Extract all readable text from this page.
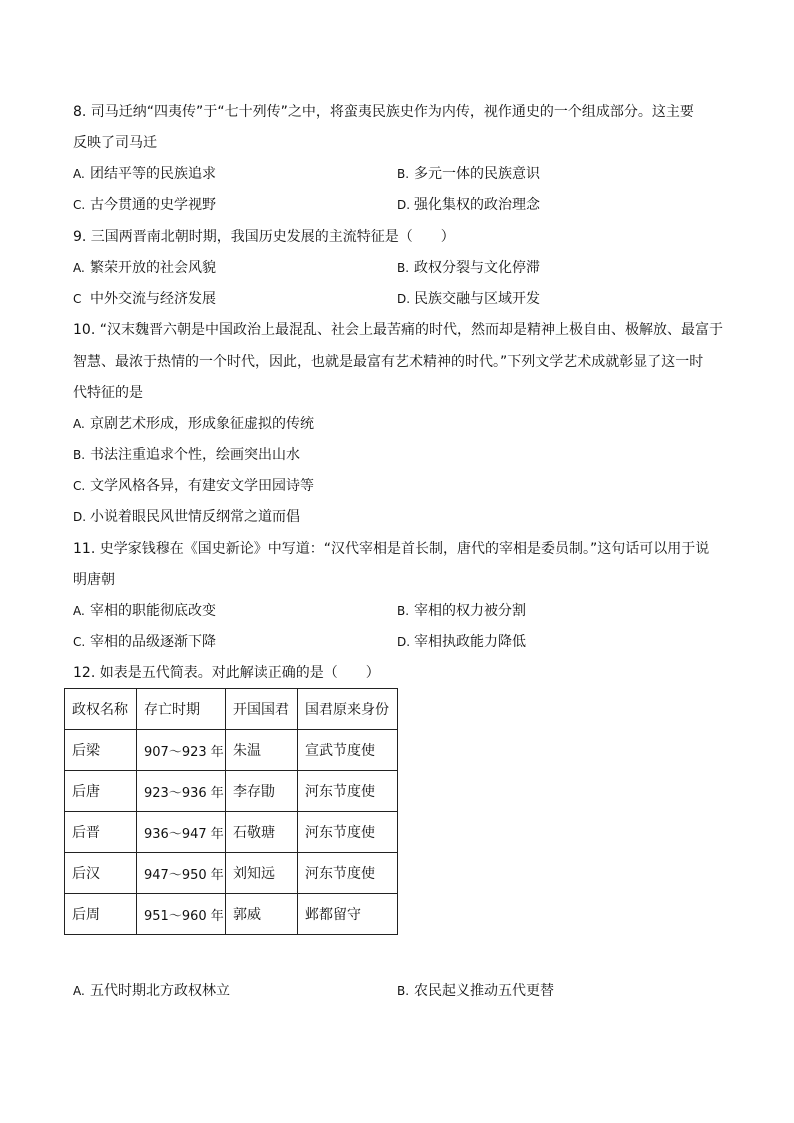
8. 司马迁纳“四夷传”于“七十列传”之中，将蛮夷民族史作为内传，视作通史的一个组成部分。这主要
反映了司马迁
A. 团结平等的民族追求	B. 多元一体的民族意识
C. 古今贯通的史学视野	D. 强化集权的政治理念
9. 三国两晋南北朝时期，我国历史发展的主流特征是（　　）
A. 繁荣开放的社会风貌	B. 政权分裂与文化停滞
C 中外交流与经济发展	D. 民族交融与区域开发
10. “汉末魏晋六朝是中国政治上最混乱、社会上最苦痛的时代，然而却是精神上极自由、极解放、最富于
智慧、最浓于热情的一个时代，因此，也就是最富有艺术精神的时代。”下列文学艺术成就彰显了这一时
代特征的是
A. 京剧艺术形成，形成象征虚拟的传统
B. 书法注重追求个性，绘画突出山水
C. 文学风格各异，有建安文学田园诗等
D. 小说着眼民风世情反纲常之道而倡
11. 史学家钱穆在《国史新论》中写道：“汉代宰相是首长制，唐代的宰相是委员制。”这句话可以用于说
明唐朝
A. 宰相的职能彻底改变	B. 宰相的权力被分割
C. 宰相的品级逐渐下降	D. 宰相执政能力降低
12. 如表是五代简表。对此解读正确的是（　　）
政权名称	存亡时期	开国国君	国君原来身份
后梁	907～923 年	朱温	宣武节度使
后唐	923～936 年	李存勖	河东节度使
后晋	936～947 年	石敬瑭	河东节度使
后汉	947～950 年	刘知远	河东节度使
后周	951～960 年	郭威	邺都留守
A. 五代时期北方政权林立	B. 农民起义推动五代更替
